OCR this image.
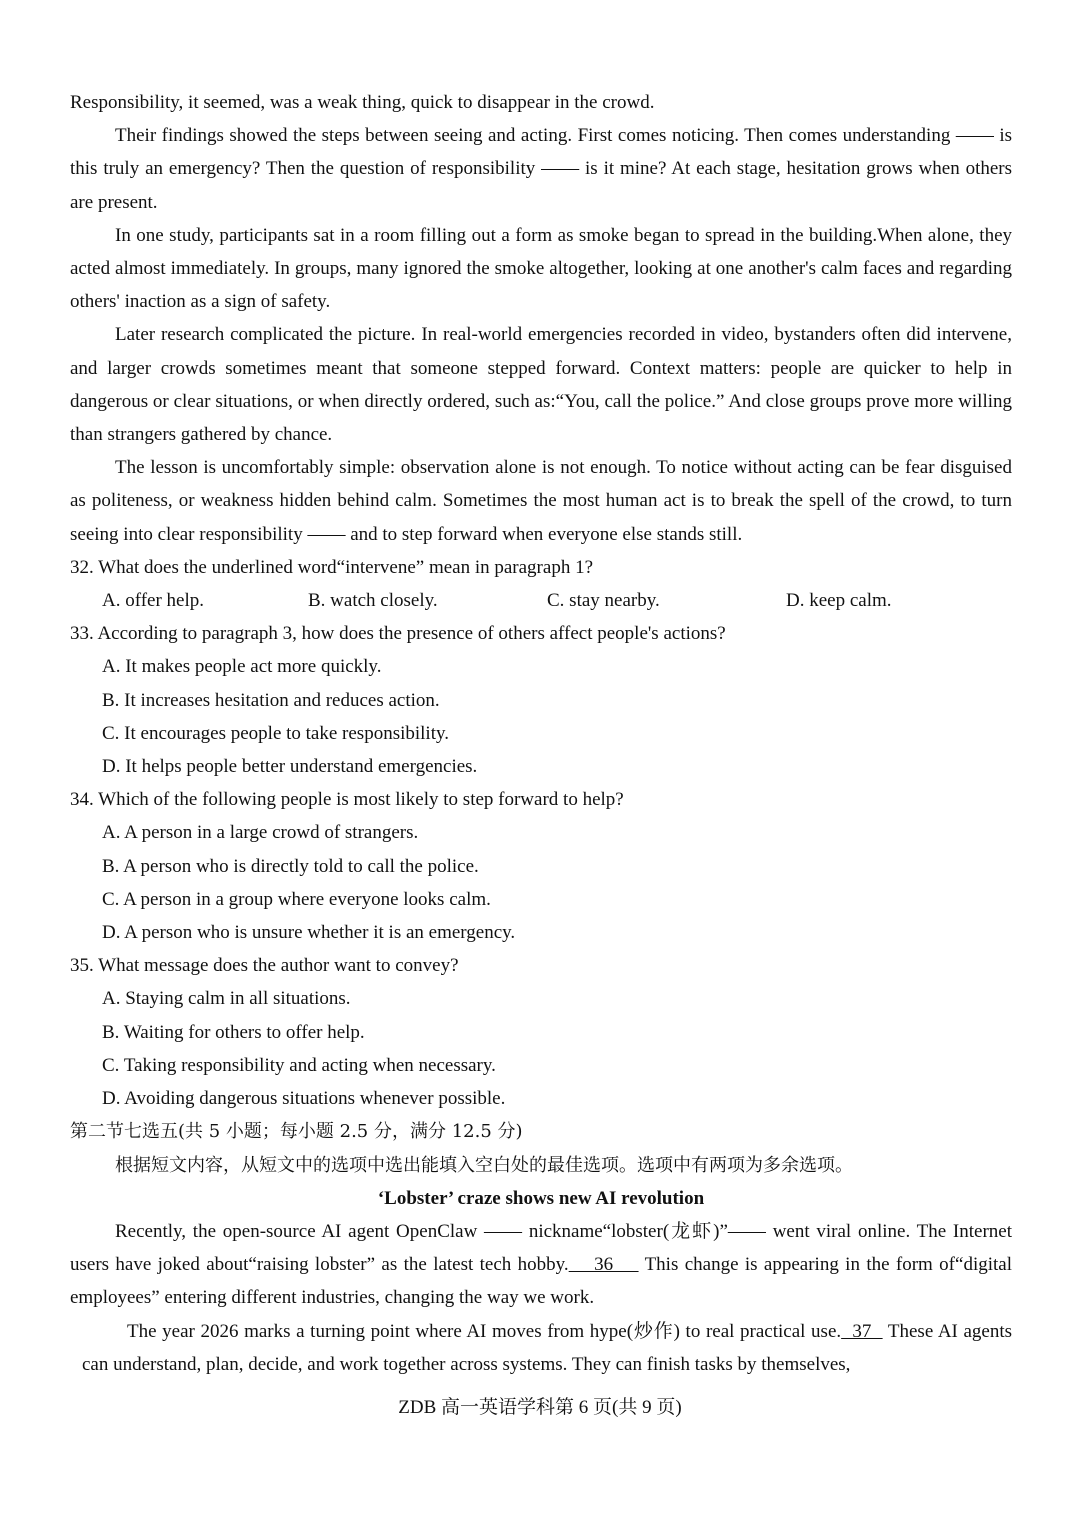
Responsibility, it seemed, was a weak thing, quick to disappear in the crowd.

Their findings showed the steps between seeing and acting. First comes noticing. Then comes understanding —— is this truly an emergency? Then the question of responsibility —— is it mine? At each stage, hesitation grows when others are present.

In one study, participants sat in a room filling out a form as smoke began to spread in the building.When alone, they acted almost immediately. In groups, many ignored the smoke altogether, looking at one another's calm faces and regarding others' inaction as a sign of safety.

Later research complicated the picture. In real-world emergencies recorded in video, bystanders often did intervene, and larger crowds sometimes meant that someone stepped forward. Context matters: people are quicker to help in dangerous or clear situations, or when directly ordered, such as:“You, call the police.” And close groups prove more willing than strangers gathered by chance.

The lesson is uncomfortably simple: observation alone is not enough. To notice without acting can be fear disguised as politeness, or weakness hidden behind calm. Sometimes the most human act is to break the spell of the crowd, to turn seeing into clear responsibility —— and to step forward when everyone else stands still.

32. What does the underlined word“intervene” mean in paragraph 1?

A. offer help.	B. watch closely.	C. stay nearby.	D. keep calm.

33. According to paragraph 3, how does the presence of others affect people's actions?

A. It makes people act more quickly.

B. It increases hesitation and reduces action.

C. It encourages people to take responsibility.

D. It helps people better understand emergencies.

34. Which of the following people is most likely to step forward to help?

A. A person in a large crowd of strangers.

B. A person who is directly told to call the police.

C. A person in a group where everyone looks calm.

D. A person who is unsure whether it is an emergency.

35. What message does the author want to convey?

A. Staying calm in all situations.

B. Waiting for others to offer help.

C. Taking responsibility and acting when necessary.

D. Avoiding dangerous situations whenever possible.

第二节七选五(共 5 小题；每小题 2.5 分，满分 12.5 分)

根据短文内容，从短文中的选项中选出能填入空白处的最佳选项。选项中有两项为多余选项。

‘Lobster’ craze shows new AI revolution

Recently, the open-source AI agent OpenClaw —— nickname“lobster(龙虾)”—— went viral online. The Internet users have joked about“raising lobster” as the latest tech hobby.    36     This change is appearing in the form of“digital employees” entering different industries, changing the way we work.

The year 2026 marks a turning point where AI moves from hype(炒作) to real practical use.  37   These AI agents can understand, plan, decide, and work together across systems. They can finish tasks by themselves,

ZDB 高一英语学科第 6 页(共 9 页)
